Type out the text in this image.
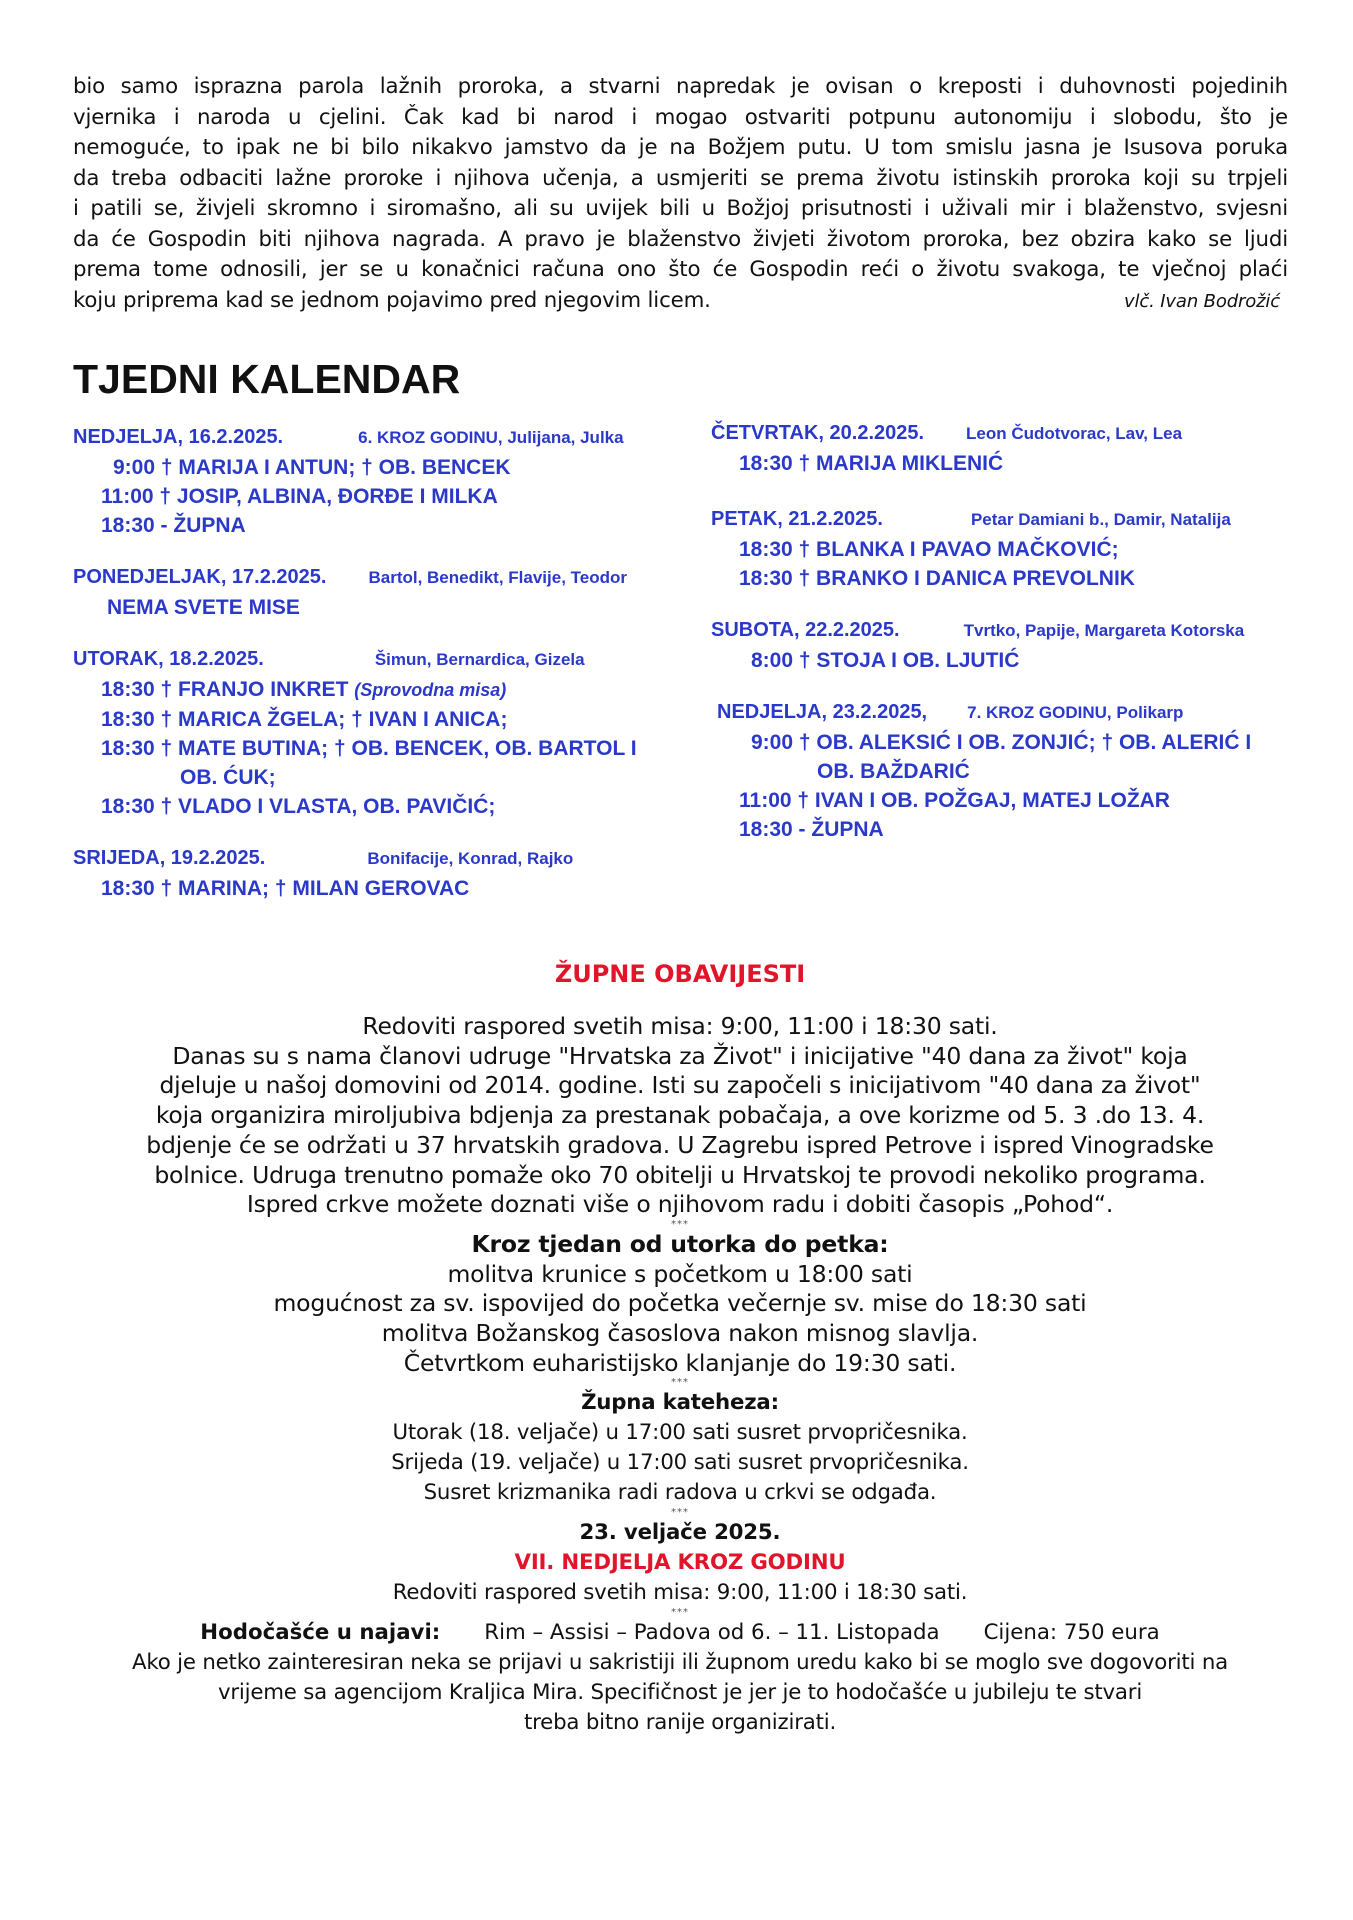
bio samo isprazna parola lažnih proroka, a stvarni napredak je ovisan o kreposti i duhovnosti pojedinih
vjernika i naroda u cjelini. Čak kad bi narod i mogao ostvariti potpunu autonomiju i slobodu, što je
nemoguće, to ipak ne bi bilo nikakvo jamstvo da je na Božjem putu. U tom smislu jasna je Isusova poruka
da treba odbaciti lažne proroke i njihova učenja, a usmjeriti se prema životu istinskih proroka koji su trpjeli
i patili se, živjeli skromno i siromašno, ali su uvijek bili u Božjoj prisutnosti i uživali mir i blaženstvo, svjesni
da će Gospodin biti njihova nagrada. A pravo je blaženstvo živjeti životom proroka, bez obzira kako se ljudi
prema tome odnosili, jer se u konačnici računa ono što će Gospodin reći o životu svakoga, te vječnoj plaći
koju priprema kad se jednom pojavimo pred njegovim licem.	vlč. Ivan Bodrožić
TJEDNI KALENDAR
NEDJELJA, 16.2.2025.	6. KROZ GODINU, Julijana, Julka
9:00 † MARIJA I ANTUN; † OB. BENCEK
11:00 † JOSIP, ALBINA, ĐORĐE I MILKA
18:30 - ŽUPNA
PONEDJELJAK, 17.2.2025. Bartol, Benedikt, Flavije, Teodor
NEMA SVETE MISE
UTORAK, 18.2.2025.	Šimun, Bernardica, Gizela
18:30 † FRANJO INKRET (Sprovodna misa)
18:30 † MARICA ŽGELA; † IVAN I ANICA;
18:30 † MATE BUTINA; † OB. BENCEK, OB. BARTOL I
OB. ĆUK;
18:30 † VLADO I VLASTA, OB. PAVIČIĆ;
SRIJEDA, 19.2.2025.	Bonifacije, Konrad, Rajko
18:30 † MARINA; † MILAN GEROVAC
ČETVRTAK, 20.2.2025. Leon Čudotvorac, Lav, Lea
18:30 † MARIJA MIKLENIĆ
PETAK, 21.2.2025.	Petar Damiani b., Damir, Natalija
18:30 † BLANKA I PAVAO MAČKOVIĆ;
18:30 † BRANKO I DANICA PREVOLNIK
SUBOTA, 22.2.2025.	Tvrtko, Papije, Margareta Kotorska
8:00 † STOJA I OB. LJUTIĆ
NEDJELJA, 23.2.2025, 7. KROZ GODINU, Polikarp
9:00 † OB. ALEKSIĆ I OB. ZONJIĆ; † OB. ALERIĆ I
OB. BAŽDARIĆ
11:00 † IVAN I OB. POŽGAJ, MATEJ LOŽAR
18:30 - ŽUPNA
ŽUPNE OBAVIJESTI
Redoviti raspored svetih misa: 9:00, 11:00 i 18:30 sati.
Danas su s nama članovi udruge "Hrvatska za Život" i inicijative "40 dana za život" koja
djeluje u našoj domovini od 2014. godine. Isti su započeli s inicijativom "40 dana za život"
koja organizira miroljubiva bdjenja za prestanak pobačaja, a ove korizme od 5. 3 .do 13. 4.
bdjenje će se održati u 37 hrvatskih gradova. U Zagrebu ispred Petrove i ispred Vinogradske
bolnice. Udruga trenutno pomaže oko 70 obitelji u Hrvatskoj te provodi nekoliko programa.
Ispred crkve možete doznati više o njihovom radu i dobiti časopis „Pohod“.
***
Kroz tjedan od utorka do petka:
molitva krunice s početkom u 18:00 sati
mogućnost za sv. ispovijed do početka večernje sv. mise do 18:30 sati
molitva Božanskog časoslova nakon misnog slavlja.
Četvrtkom euharistijsko klanjanje do 19:30 sati.
***
Župna kateheza:
Utorak (18. veljače) u 17:00 sati susret prvopričesnika.
Srijeda (19. veljače) u 17:00 sati susret prvopričesnika.
Susret krizmanika radi radova u crkvi se odgađa.
***
23. veljače 2025.
VII. NEDJELJA KROZ GODINU
Redoviti raspored svetih misa: 9:00, 11:00 i 18:30 sati.
***
Hodočašće u najavi: Rim – Assisi – Padova od 6. – 11. Listopada Cijena: 750 eura
Ako je netko zainteresiran neka se prijavi u sakristiji ili župnom uredu kako bi se moglo sve dogovoriti na
vrijeme sa agencijom Kraljica Mira. Specifičnost je jer je to hodočašće u jubileju te stvari
treba bitno ranije organizirati.
